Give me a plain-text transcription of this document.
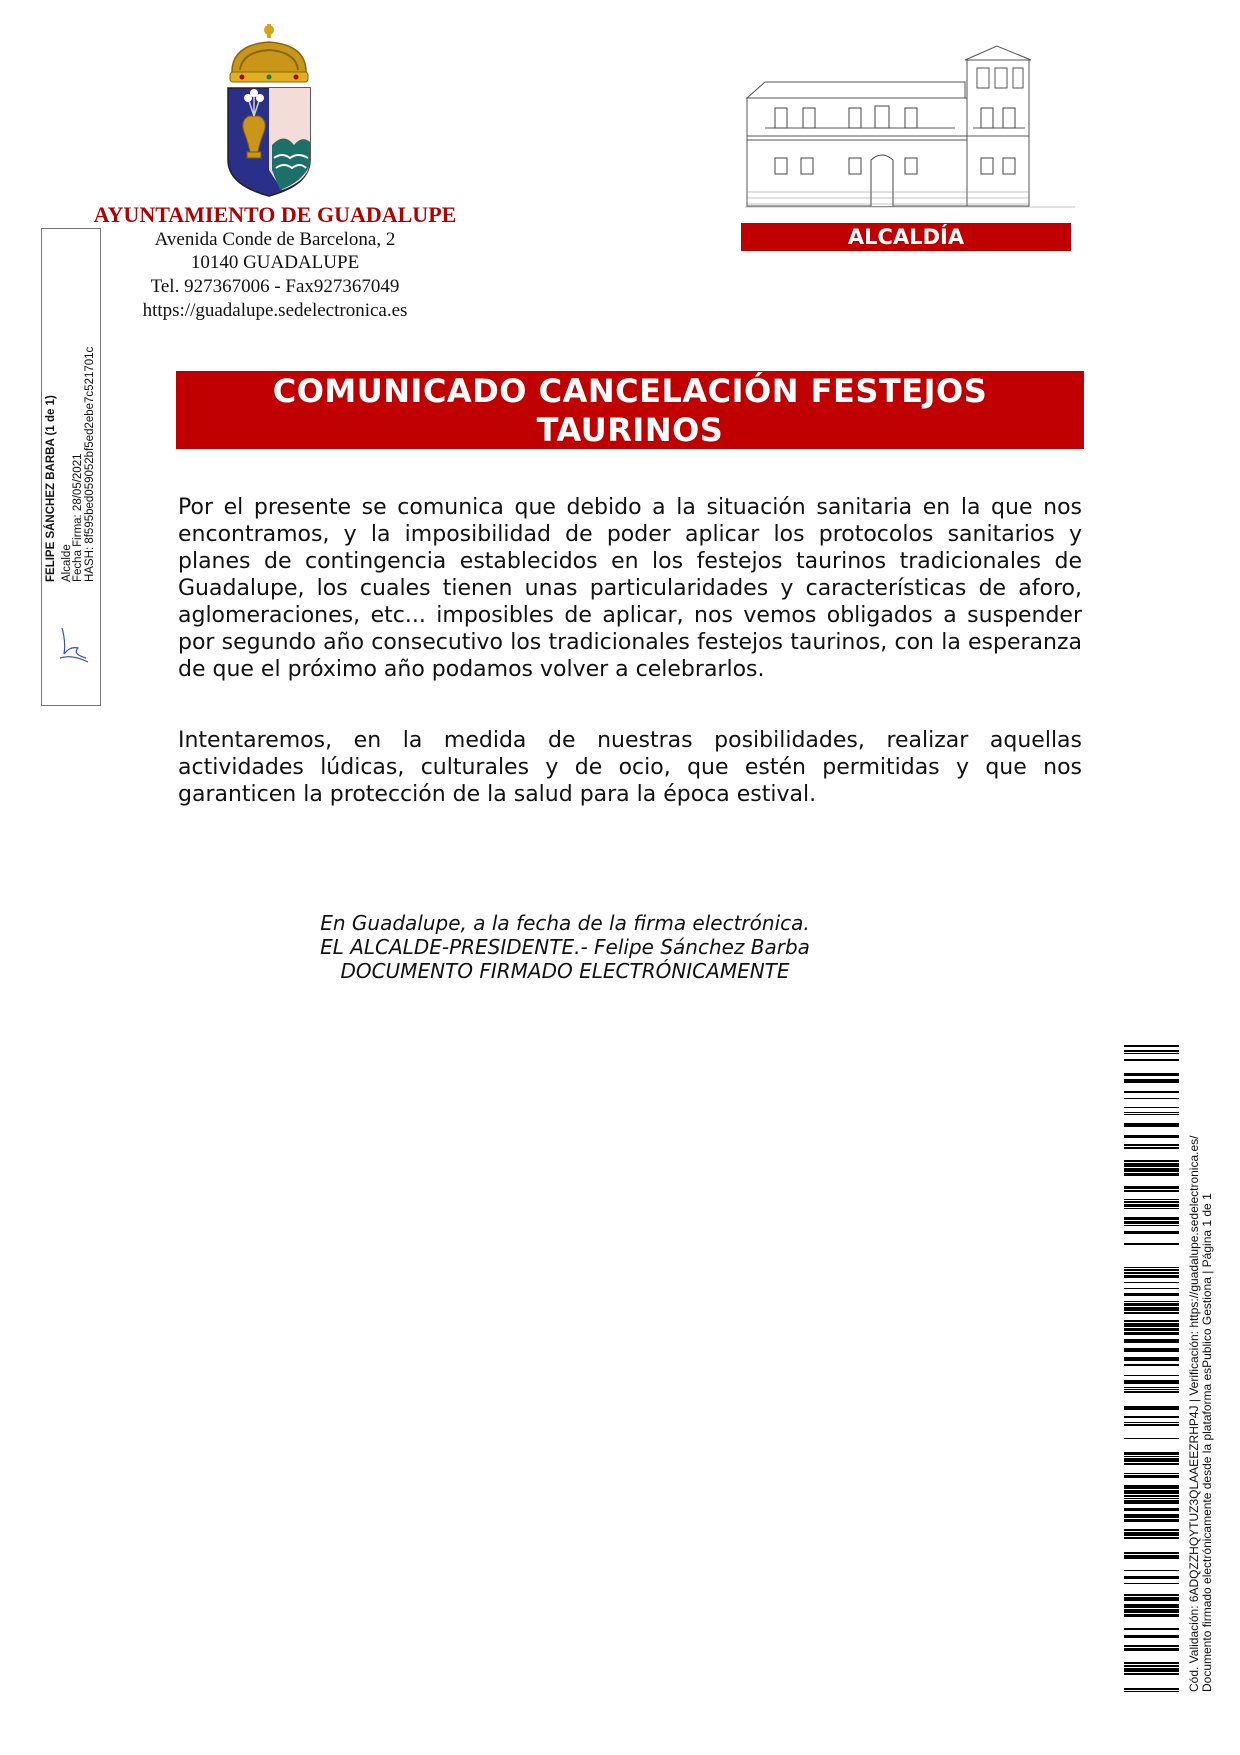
AYUNTAMIENTO DE GUADALUPE
Avenida Conde de Barcelona, 2
10140 GUADALUPE
Tel. 927367006 - Fax927367049
https://guadalupe.sedelectronica.es
ALCALDÍA
FELIPE SÁNCHEZ BARBA (1 de 1) Alcalde Fecha Firma: 28/05/2021 HASH: 8f595bed059052bf5ed2ebe7c521701c	COMUNICADO CANCELACIÓN FESTEJOS TAURINOS
Por el presente se comunica que debido a la situación sanitaria en la que nos encontramos, y la imposibilidad de poder aplicar los protocolos sanitarios y planes de contingencia establecidos en los festejos taurinos tradicionales de Guadalupe, los cuales tienen unas particularidades y características de aforo, aglomeraciones, etc... imposibles de aplicar, nos vemos obligados a suspender por segundo año consecutivo los tradicionales festejos taurinos, con la esperanza de que el próximo año podamos volver a celebrarlos.
Intentaremos, en la medida de nuestras posibilidades, realizar aquellas actividades lúdicas, culturales y de ocio, que estén permitidas y que nos garanticen la protección de la salud para la época estival.
En Guadalupe, a la fecha de la firma electrónica.
EL ALCALDE-PRESIDENTE.- Felipe Sánchez Barba
DOCUMENTO FIRMADO ELECTRÓNICAMENTE
Cód. Validación: 6ADQZZHQYTUZ3QLAAEEZRHP4J | Verificación: https://guadalupe.sedelectronica.es/ Documento firmado electrónicamente desde la plataforma esPublico Gestiona | Página 1 de 1
